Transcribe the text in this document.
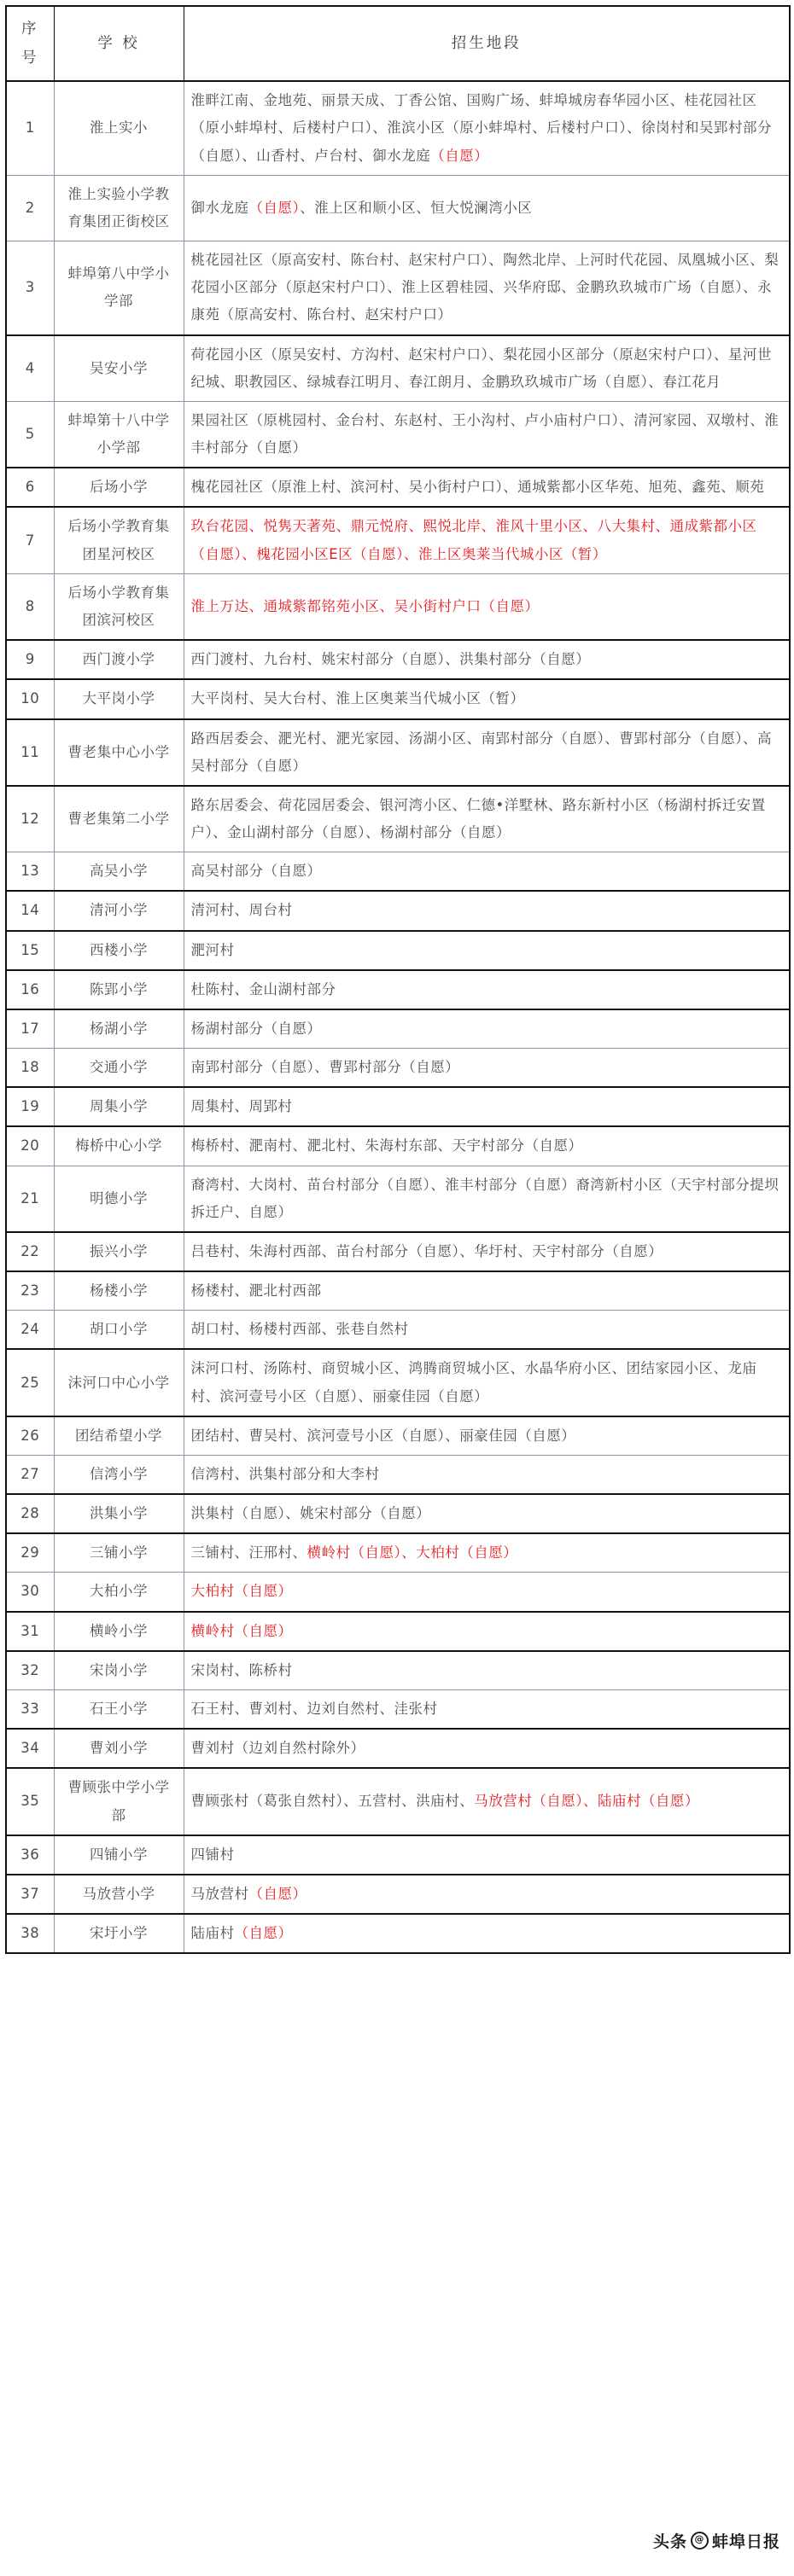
序 号	学 校	招生地段
1	淮上实小	淮畔江南、金地苑、丽景天成、丁香公馆、国购广场、蚌埠城房春华园小区、桂花园社区（原小蚌埠村、后楼村户口）、淮滨小区（原小蚌埠村、后楼村户口）、徐岗村和吴郢村部分（自愿）、山香村、卢台村、御水龙庭（自愿）
2	淮上实验小学教育集团正街校区	御水龙庭（自愿）、淮上区和顺小区、恒大悦澜湾小区
3	蚌埠第八中学小学部	桃花园社区（原高安村、陈台村、赵宋村户口）、陶然北岸、上河时代花园、凤凰城小区、梨花园小区部分（原赵宋村户口）、淮上区碧桂园、兴华府邸、金鹏玖玖城市广场（自愿）、永康苑（原高安村、陈台村、赵宋村户口）
4	吴安小学	荷花园小区（原吴安村、方沟村、赵宋村户口）、梨花园小区部分（原赵宋村户口）、星河世纪城、职教园区、绿城春江明月、春江朗月、金鹏玖玖城市广场（自愿）、春江花月
5	蚌埠第十八中学小学部	果园社区（原桃园村、金台村、东赵村、王小沟村、卢小庙村户口）、清河家园、双墩村、淮丰村部分（自愿）
6	后场小学	槐花园社区（原淮上村、滨河村、吴小街村户口）、通城紫都小区华苑、旭苑、鑫苑、顺苑
7	后场小学教育集团星河校区	玖台花园、悦隽天著苑、鼎元悦府、熙悦北岸、淮风十里小区、八大集村、通成紫都小区（自愿）、槐花园小区E区（自愿）、淮上区奥莱当代城小区（暂）
8	后场小学教育集团滨河校区	淮上万达、通城紫都铭苑小区、吴小街村户口（自愿）
9	西门渡小学	西门渡村、九台村、姚宋村部分（自愿）、洪集村部分（自愿）
10	大平岗小学	大平岗村、吴大台村、淮上区奥莱当代城小区（暂）
11	曹老集中心小学	路西居委会、淝光村、淝光家园、汤湖小区、南郢村部分（自愿）、曹郢村部分（自愿）、高吴村部分（自愿）
12	曹老集第二小学	路东居委会、荷花园居委会、银河湾小区、仁德•洋墅林、路东新村小区（杨湖村拆迁安置户）、金山湖村部分（自愿）、杨湖村部分（自愿）
13	高吴小学	高吴村部分（自愿）
14	清河小学	清河村、周台村
15	西楼小学	淝河村
16	陈郢小学	杜陈村、金山湖村部分
17	杨湖小学	杨湖村部分（自愿）
18	交通小学	南郢村部分（自愿）、曹郢村部分（自愿）
19	周集小学	周集村、周郢村
20	梅桥中心小学	梅桥村、淝南村、淝北村、朱海村东部、天宇村部分（自愿）
21	明德小学	裔湾村、大岗村、苗台村部分（自愿）、淮丰村部分（自愿）裔湾新村小区（天宇村部分提坝拆迁户、自愿）
22	振兴小学	吕巷村、朱海村西部、苗台村部分（自愿）、华圩村、天宇村部分（自愿）
23	杨楼小学	杨楼村、淝北村西部
24	胡口小学	胡口村、杨楼村西部、张巷自然村
25	沫河口中心小学	沫河口村、汤陈村、商贸城小区、鸿腾商贸城小区、水晶华府小区、团结家园小区、龙庙村、滨河壹号小区（自愿）、丽豪佳园（自愿）
26	团结希望小学	团结村、曹吴村、滨河壹号小区（自愿）、丽豪佳园（自愿）
27	信湾小学	信湾村、洪集村部分和大李村
28	洪集小学	洪集村（自愿）、姚宋村部分（自愿）
29	三铺小学	三铺村、汪邢村、横岭村（自愿）、大柏村（自愿）
30	大柏小学	大柏村（自愿）
31	横岭小学	横岭村（自愿）
32	宋岗小学	宋岗村、陈桥村
33	石王小学	石王村、曹刘村、边刘自然村、洼张村
34	曹刘小学	曹刘村（边刘自然村除外）
35	曹顾张中学小学部	曹顾张村（葛张自然村）、五营村、洪庙村、马放营村（自愿）、陆庙村（自愿）
36	四铺小学	四铺村
37	马放营小学	马放营村（自愿）
38	宋圩小学	陆庙村（自愿）
头条 @ 蚌埠日报
